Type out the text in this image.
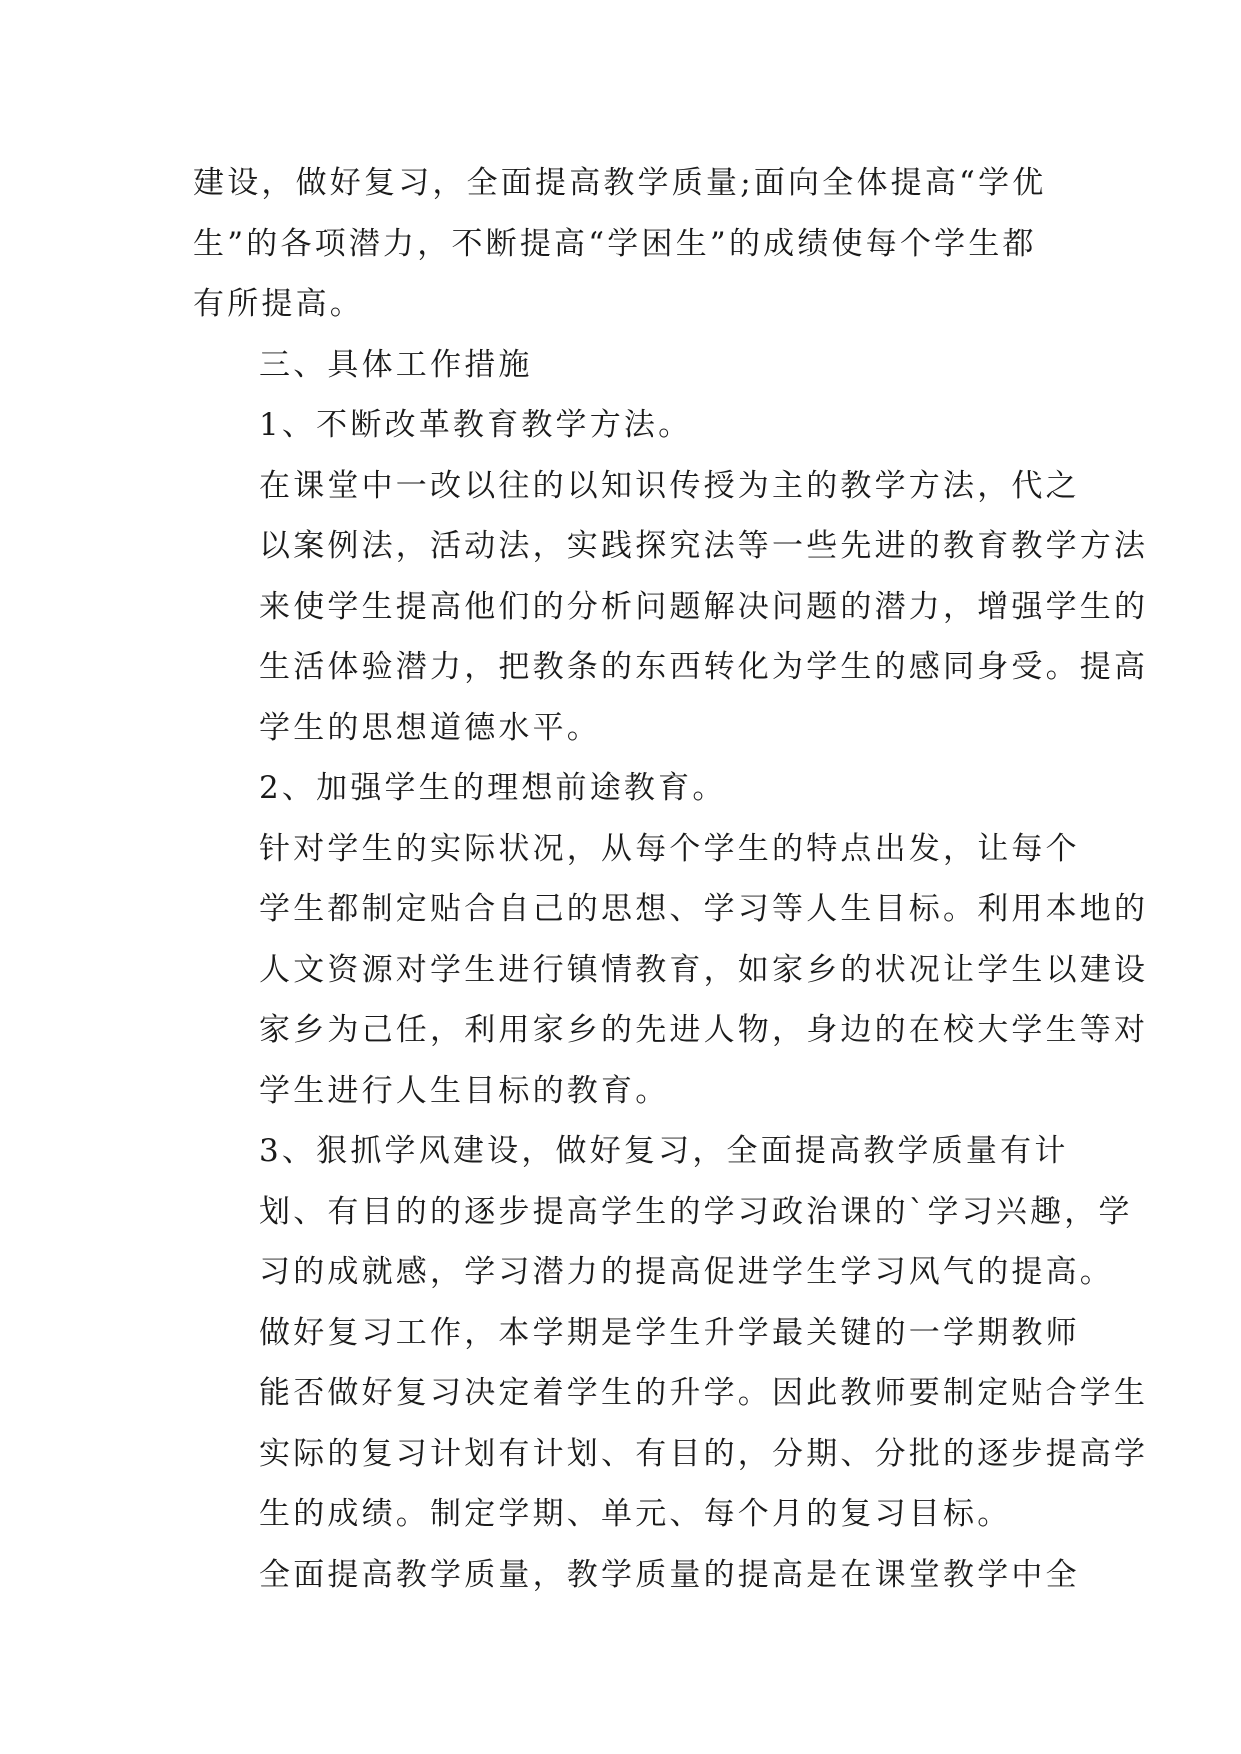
建设，做好复习，全面提高教学质量;面向全体提高“学优
生”的各项潜力，不断提高“学困生”的成绩使每个学生都
有所提高。

三、具体工作措施

1、不断改革教育教学方法。

在课堂中一改以往的以知识传授为主的教学方法，代之
以案例法，活动法，实践探究法等一些先进的教育教学方法
来使学生提高他们的分析问题解决问题的潜力，增强学生的
生活体验潜力，把教条的东西转化为学生的感同身受。提高
学生的思想道德水平。

2、加强学生的理想前途教育。

针对学生的实际状况，从每个学生的特点出发，让每个
学生都制定贴合自己的思想、学习等人生目标。利用本地的
人文资源对学生进行镇情教育，如家乡的状况让学生以建设
家乡为己任，利用家乡的先进人物，身边的在校大学生等对
学生进行人生目标的教育。

3、狠抓学风建设，做好复习，全面提高教学质量有计
划、有目的的逐步提高学生的学习政治课的`学习兴趣，学
习的成就感，学习潜力的提高促进学生学习风气的提高。

做好复习工作，本学期是学生升学最关键的一学期教师
能否做好复习决定着学生的升学。因此教师要制定贴合学生
实际的复习计划有计划、有目的，分期、分批的逐步提高学
生的成绩。制定学期、单元、每个月的复习目标。

全面提高教学质量，教学质量的提高是在课堂教学中全
